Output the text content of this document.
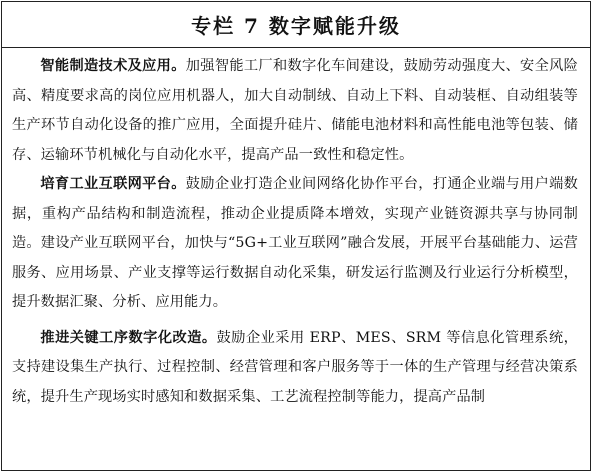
专栏 7 数字赋能升级

智能制造技术及应用。加强智能工厂和数字化车间建设，鼓励劳动强度大、安全风险高、精度要求高的岗位应用机器人，加大自动制绒、自动上下料、自动装框、自动组装等生产环节自动化设备的推广应用，全面提升硅片、储能电池材料和高性能电池等包装、储存、运输环节机械化与自动化水平，提高产品一致性和稳定性。

培育工业互联网平台。鼓励企业打造企业间网络化协作平台，打通企业端与用户端数据，重构产品结构和制造流程，推动企业提质降本增效，实现产业链资源共享与协同制造。建设产业互联网平台，加快与“5G+工业互联网”融合发展，开展平台基础能力、运营服务、应用场景、产业支撑等运行数据自动化采集，研发运行监测及行业运行分析模型，提升数据汇聚、分析、应用能力。

推进关键工序数字化改造。鼓励企业采用 ERP、MES、SRM 等信息化管理系统，支持建设集生产执行、过程控制、经营管理和客户服务等于一体的生产管理与经营决策系统，提升生产现场实时感知和数据采集、工艺流程控制等能力，提高产品制
